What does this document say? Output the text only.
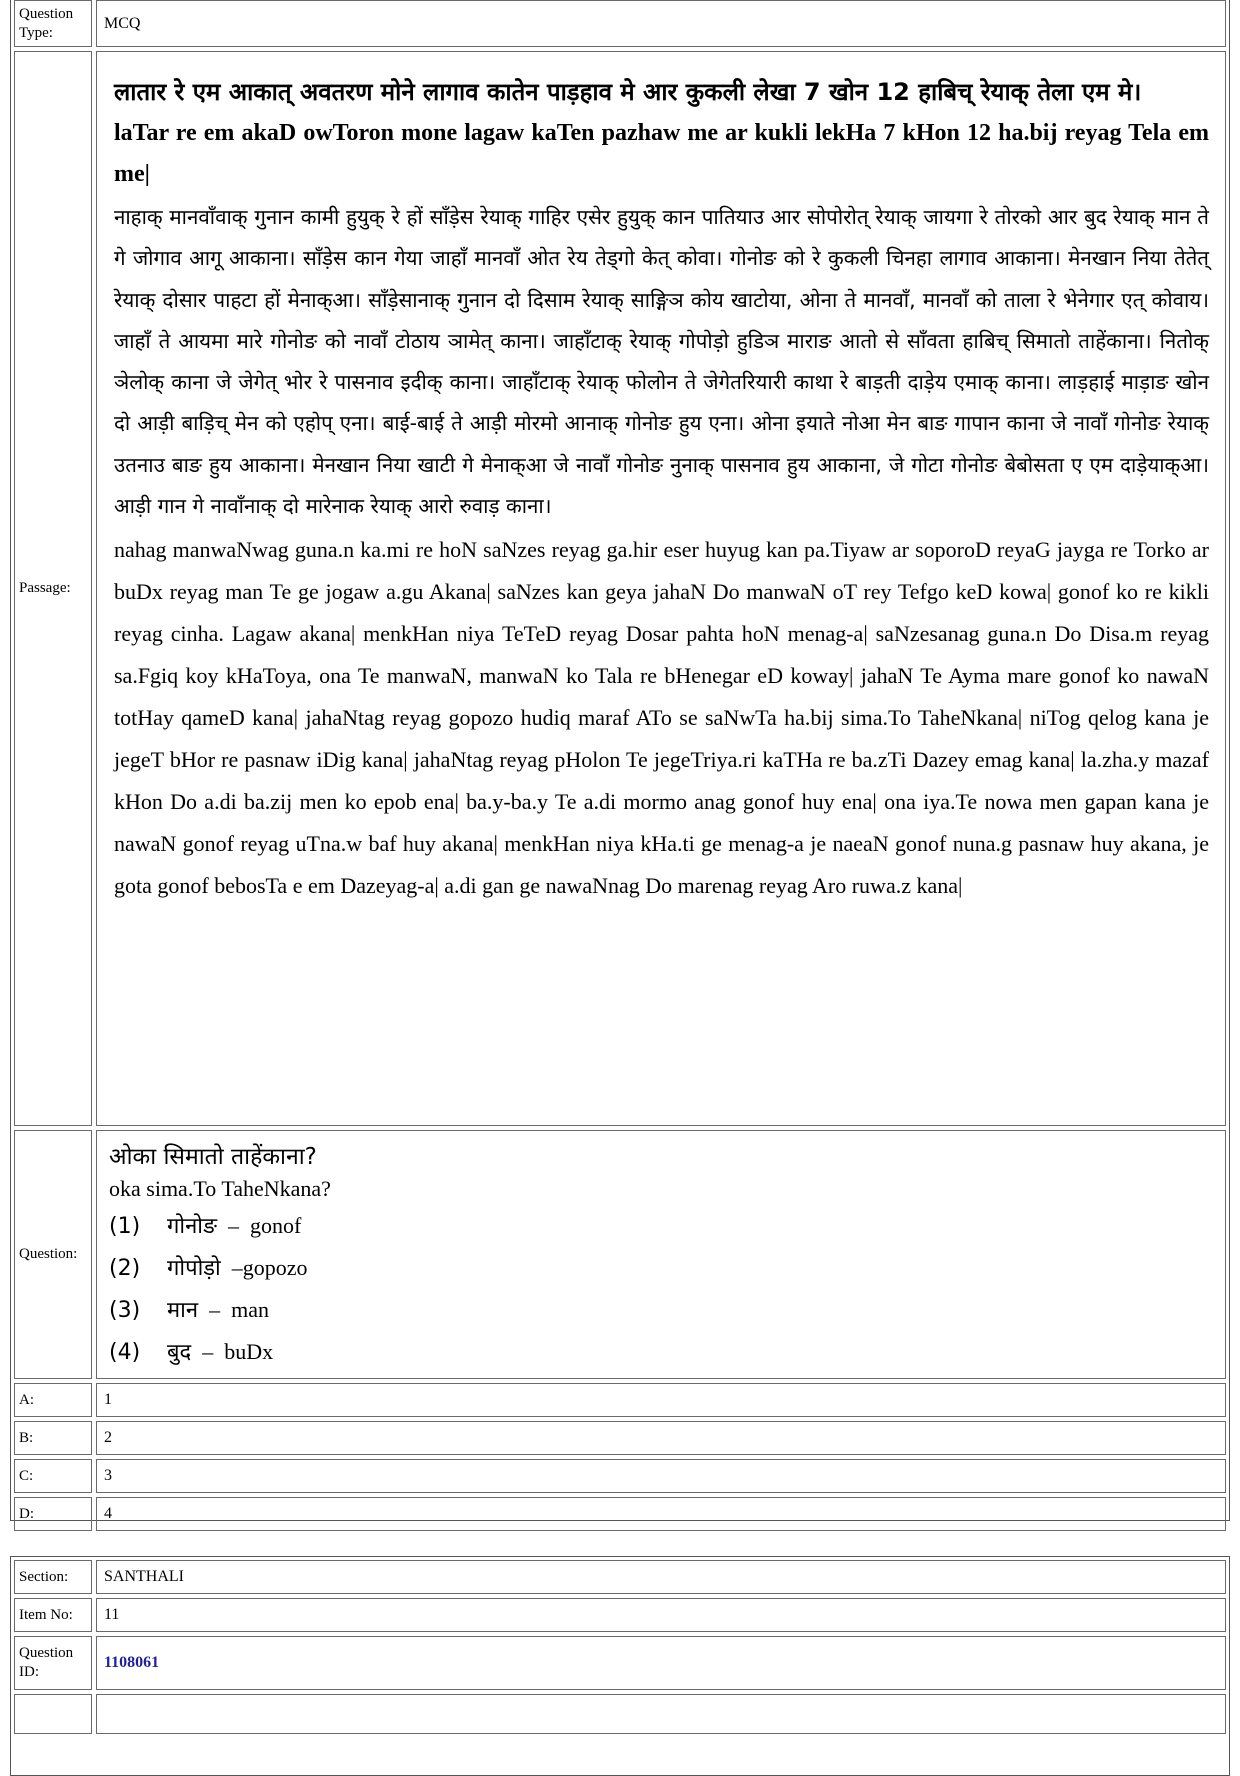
Question Type:
MCQ
Passage:
लातार रे एम आकात् अवतरण मोने लागाव कातेन पाड़हाव मे आर कुकली लेखा 7 खोन 12 हाबिच् रेयाक् तेला एम मे।
laTar re em akaD owToron mone lagaw kaTen pazhaw me ar kukli lekHa 7 kHon 12 ha.bij reyag Tela em me|
नाहाक् मानवाँवाक् गुनान कामी हुयुक् रे हों सॉंड़ेस रेयाक् गाहिर एसेर हुयुक् कान पातियाउ आर सोपोरोत् रेयाक् जायगा रे तोरको आर बुद रेयाक् मान ते गे जोगाव आगू आकाना। सॉंड़ेस कान गेया जाहाँ मानवाँ ओत रेय तेड्गो केत् कोवा। गोनोङ को रे कुकली चिनहा लागाव आकाना। मेनखान निया तेतेत् रेयाक् दोसार पाहटा हों मेनाक्आ। सॉंड़ेसानाक् गुनान दो दिसाम रेयाक् साङ्गिञ कोय खाटोया, ओना ते मानवाँ, मानवाँ को ताला रे भेनेगार एत् कोवाय। जाहाँ ते आयमा मारे गोनोङ को नावाँ टोठाय ञामेत् काना। जाहाँटाक् रेयाक् गोपोड़ो हुडिञ माराङ आतो से सॉंवता हाबिच् सिमातो ताहेंकाना। नितोक् ञेलोक् काना जे जेगेत् भोर रे पासनाव इदीक् काना। जाहाँटाक् रेयाक् फोलोन ते जेगेतरियारी काथा रे बाड़ती दाड़ेय एमाक् काना। लाड़हाई माड़ाङ खोन दो आड़ी बाड़िच् मेन को एहोप् एना। बाई-बाई ते आड़ी मोरमो आनाक् गोनोङ हुय एना। ओना इयाते नोआ मेन बाङ गापान काना जे नावाँ गोनोङ रेयाक् उतनाउ बाङ हुय आकाना। मेनखान निया खाटी गे मेनाक्आ जे नावाँ गोनोङ नुनाक् पासनाव हुय आकाना, जे गोटा गोनोङ बेबोसता ए एम दाड़ेयाक्आ। आड़ी गान गे नावाँनाक् दो मारेनाक रेयाक् आरो रुवाड़ काना।
nahag manwaNwag guna.n ka.mi re hoN saNzes reyag ga.hir eser huyug kan pa.Tiyaw ar soporoD reyaG jayga re Torko ar buDx reyag man Te ge jogaw a.gu Akana| saNzes kan geya jahaN Do manwaN oT rey Tefgo keD kowa| gonof ko re kikli reyag cinha. Lagaw akana| menkHan niya TeTeD reyag Dosar pahta hoN menag-a| saNzesanag guna.n Do Disa.m reyag sa.Fgiq koy kHaToya, ona Te manwaN, manwaN ko Tala re bHenegar eD koway| jahaN Te Ayma mare gonof ko nawaN totHay qameD kana| jahaNtag reyag gopozo hudiq maraf ATo se saNwTa ha.bij sima.To TaheNkana| niTog qelog kana je jegeT bHor re pasnaw iDig kana| jahaNtag reyag pHolon Te jegeTriya.ri kaTHa re ba.zTi Dazey emag kana| la.zha.y mazaf kHon Do a.di ba.zij men ko epob ena| ba.y-ba.y Te a.di mormo anag gonof huy ena| ona iya.Te nowa men gapan kana je nawaN gonof reyag uTna.w baf huy akana| menkHan niya kHa.ti ge menag-a je naeaN gonof nuna.g pasnaw huy akana, je gota gonof bebosTa e em Dazeyag-a| a.di gan ge nawaNnag Do marenag reyag Aro ruwa.z kana|
Question:
ओका सिमातो ताहेंकाना?
oka sima.To TaheNkana?
(1) गोनोङ – gonof
(2) गोपोड़ो –gopozo
(3) मान – man
(4) बुद – buDx
A:	1
B:	2
C:	3
D:	4
Section:	SANTHALI
Item No:	11
Question ID:
1108061
